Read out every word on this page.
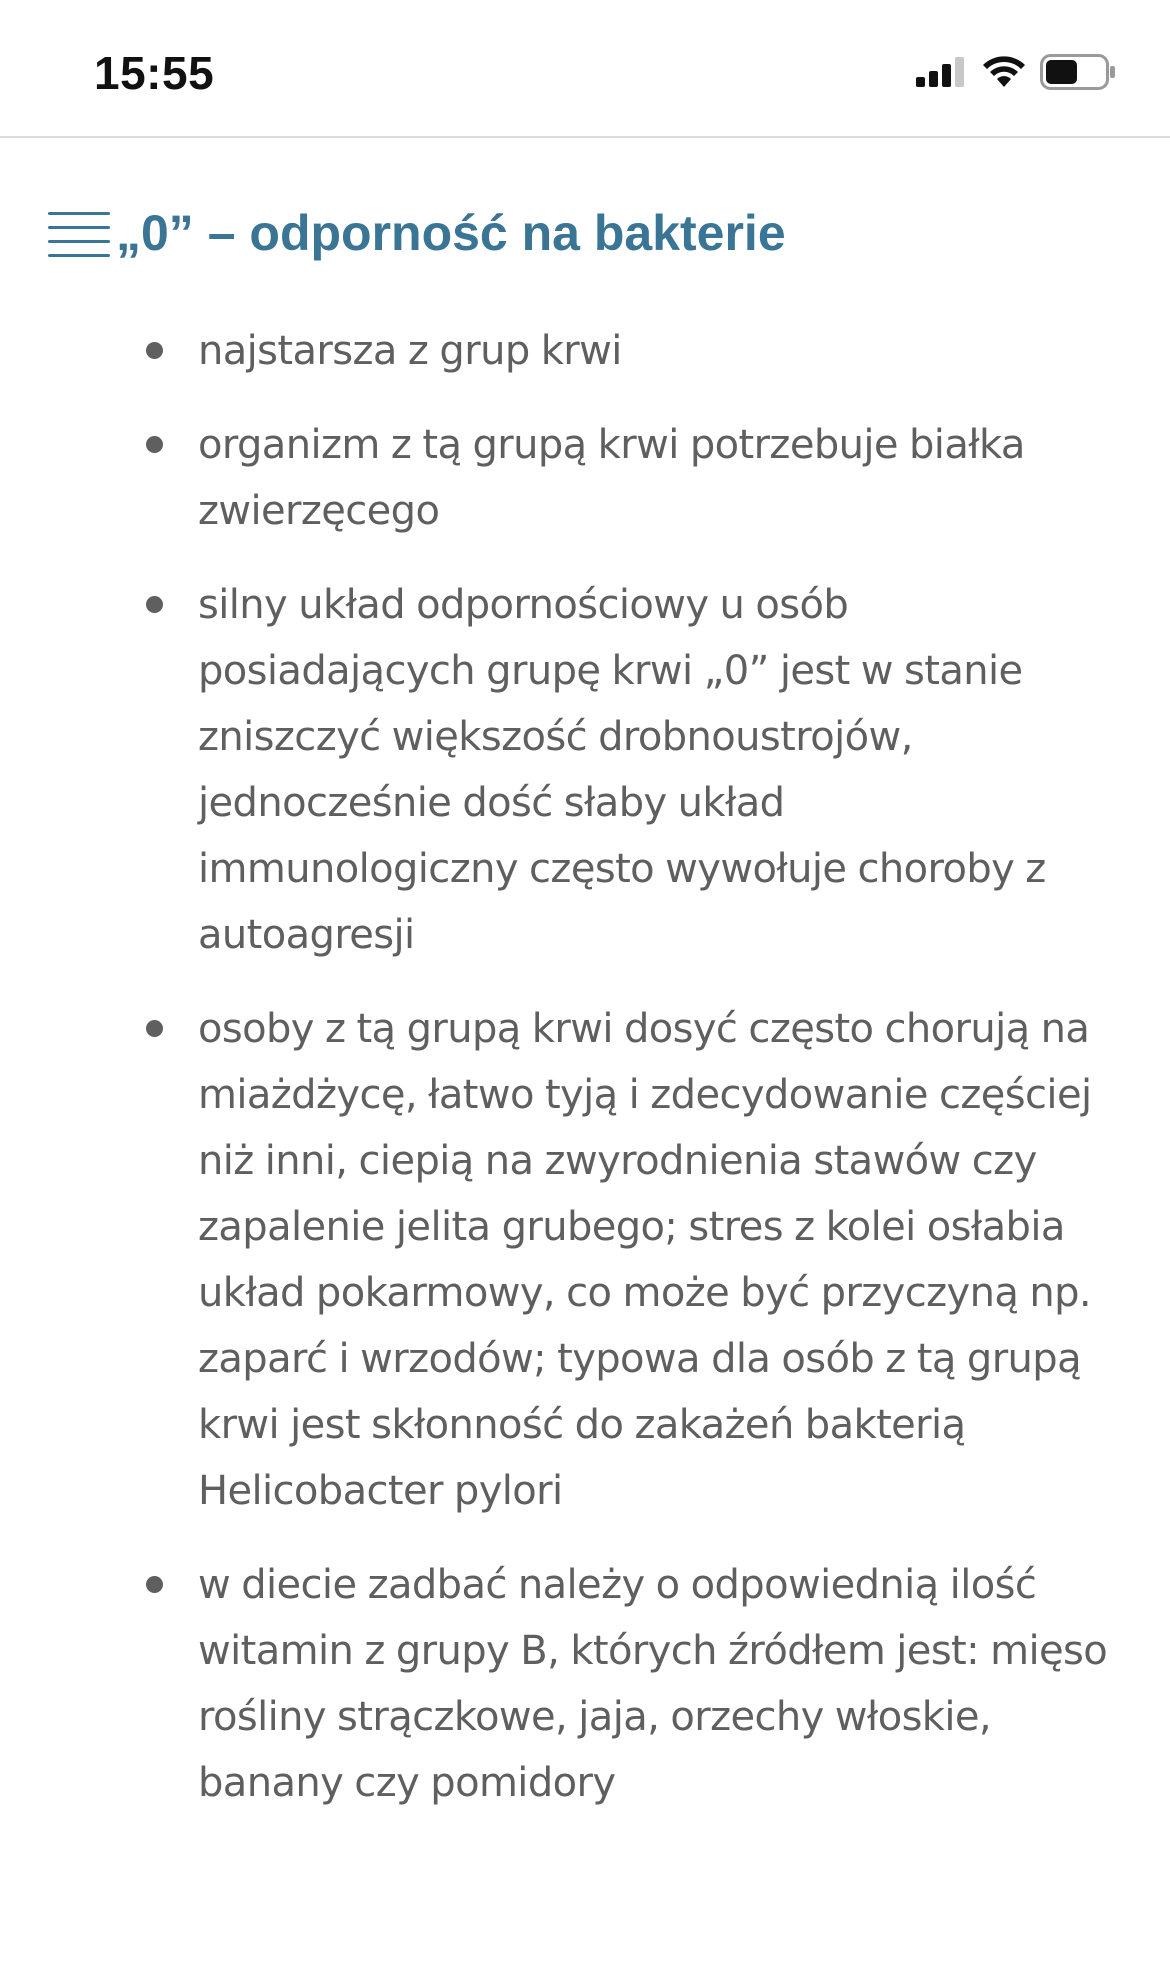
15:55
„0” – odporność na bakterie
najstarsza z grup krwi
organizm z tą grupą krwi potrzebuje białka zwierzęcego
silny układ odpornościowy u osób posiadających grupę krwi „0” jest w stanie zniszczyć większość drobnoustrojów, jednocześnie dość słaby układ immunologiczny często wywołuje choroby z autoagresji
osoby z tą grupą krwi dosyć często chorują na miażdżycę, łatwo tyją i zdecydowanie częściej niż inni, ciepią na zwyrodnienia stawów czy zapalenie jelita grubego; stres z kolei osłabia układ pokarmowy, co może być przyczyną np. zaparć i wrzodów; typowa dla osób z tą grupą krwi jest skłonność do zakażeń bakterią Helicobacter pylori
w diecie zadbać należy o odpowiednią ilość witamin z grupy B, których źródłem jest: mięso rośliny strączkowe, jaja, orzechy włoskie, banany czy pomidory
